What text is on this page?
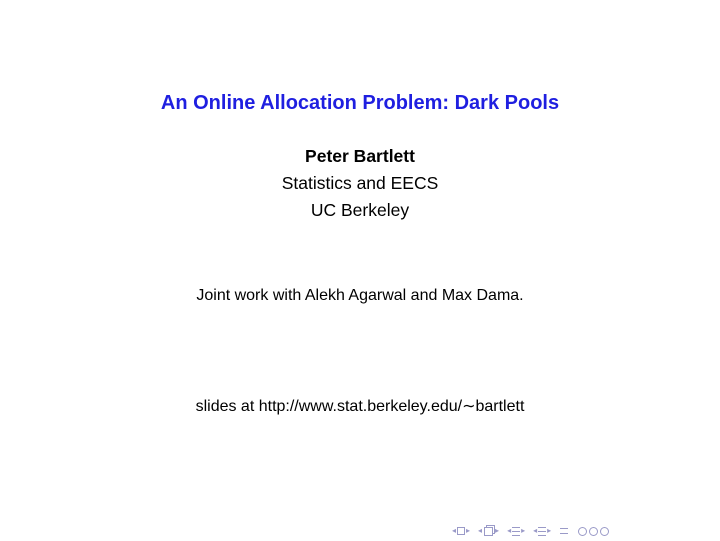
An Online Allocation Problem: Dark Pools
Peter Bartlett
Statistics and EECS
UC Berkeley
Joint work with Alekh Agarwal and Max Dama.
slides at http://www.stat.berkeley.edu/∼bartlett
◂ ▸ ◂ ▸ ◂ ▸ ◂ ▸
